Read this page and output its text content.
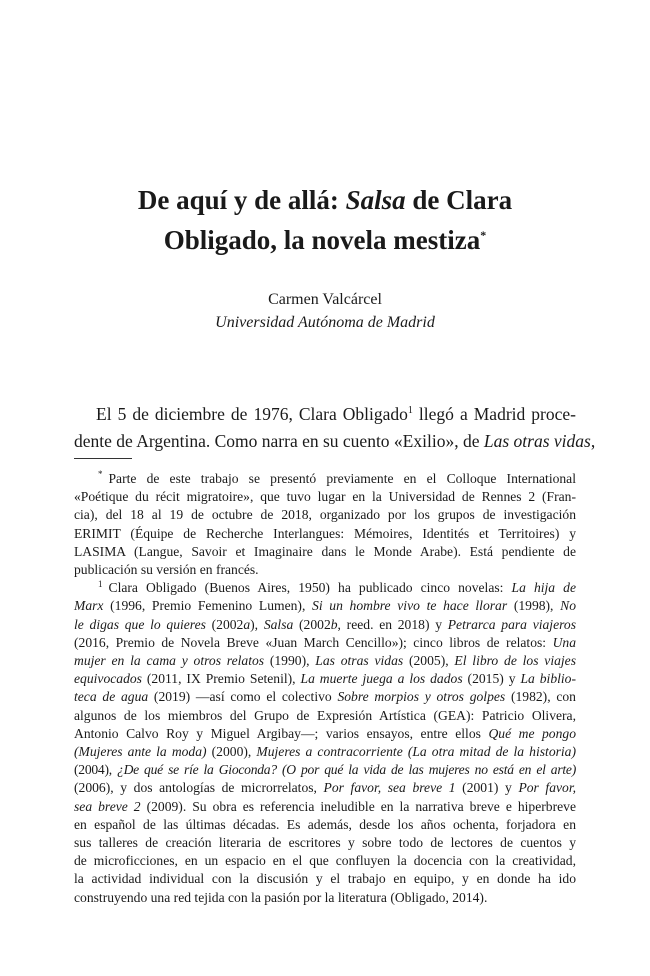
De aquí y de allá: Salsa de Clara
Obligado, la novela mestiza*
Carmen Valcárcel
Universidad Autónoma de Madrid

El 5 de diciembre de 1976, Clara Obligado$^1$ llegó a Madrid proce-
dente de Argentina. Como narra en su cuento «Exilio», de Las otras vidas,

* Parte de este trabajo se presentó previamente en el Colloque International
«Poétique du récit migratoire», que tuvo lugar en la Universidad de Rennes 2 (Fran-
cia), del 18 al 19 de octubre de 2018, organizado por los grupos de investigación
ERIMIT (Équipe de Recherche Interlangues: Mémoires, Identités et Territoires) y
LASIMA (Langue, Savoir et Imaginaire dans le Monde Arabe). Está pendiente de
publicación su versión en francés.
$^1$ Clara Obligado (Buenos Aires, 1950) ha publicado cinco novelas: La hija de
Marx (1996, Premio Femenino Lumen), Si un hombre vivo te hace llorar (1998), No
le digas que lo quieres (2002a), Salsa (2002b, reed. en 2018) y Petrarca para viajeros
(2016, Premio de Novela Breve «Juan March Cencillo»); cinco libros de relatos: Una
mujer en la cama y otros relatos (1990), Las otras vidas (2005), El libro de los viajes
equivocados (2011, IX Premio Setenil), La muerte juega a los dados (2015) y La biblio-
teca de agua (2019) —así como el colectivo Sobre morpios y otros golpes (1982), con
algunos de los miembros del Grupo de Expresión Artística (GEA): Patricio Olivera,
Antonio Calvo Roy y Miguel Argibay—; varios ensayos, entre ellos Qué me pongo
(Mujeres ante la moda) (2000), Mujeres a contracorriente (La otra mitad de la historia)
(2004), ¿De qué se ríe la Gioconda? (O por qué la vida de las mujeres no está en el arte)
(2006), y dos antologías de microrrelatos, Por favor, sea breve 1 (2001) y Por favor,
sea breve 2 (2009). Su obra es referencia ineludible en la narrativa breve e hiperbreve
en español de las últimas décadas. Es además, desde los años ochenta, forjadora en
sus talleres de creación literaria de escritores y sobre todo de lectores de cuentos y
de microficciones, en un espacio en el que confluyen la docencia con la creatividad,
la actividad individual con la discusión y el trabajo en equipo, y en donde ha ido
construyendo una red tejida con la pasión por la literatura (Obligado, 2014).
